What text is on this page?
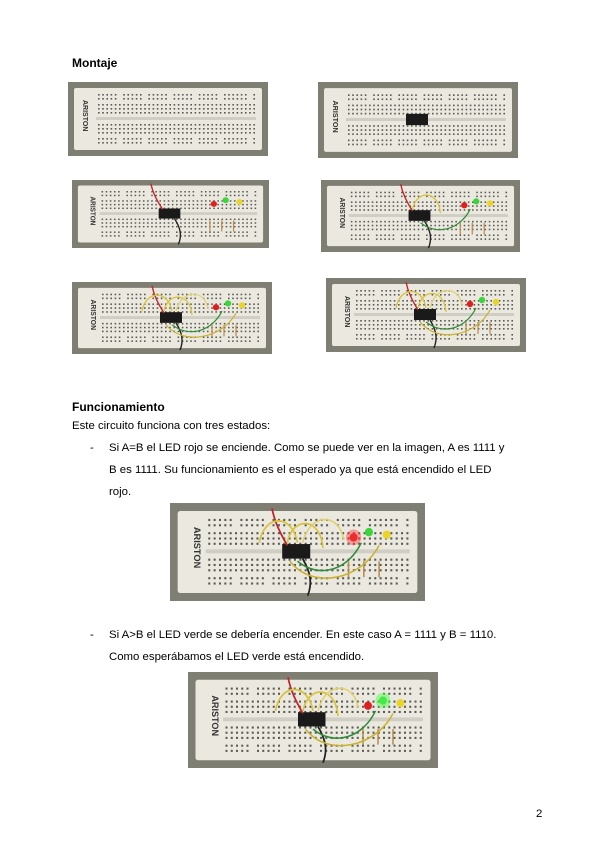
Montaje
ARISTON	ARISTON
ARISTON	ARISTON
ARISTON	ARISTON
Funcionamiento
Este circuito funciona con tres estados:
- Si A=B el LED rojo se enciende. Como se puede ver en la imagen, A es 1111 y
B es 1111. Su funcionamiento es el esperado ya que está encendido el LED
rojo.
ARISTON
- Si A>B el LED verde se debería encender. En este caso A = 1111 y B = 1110.
Como esperábamos el LED verde está encendido.
ARISTON
2
